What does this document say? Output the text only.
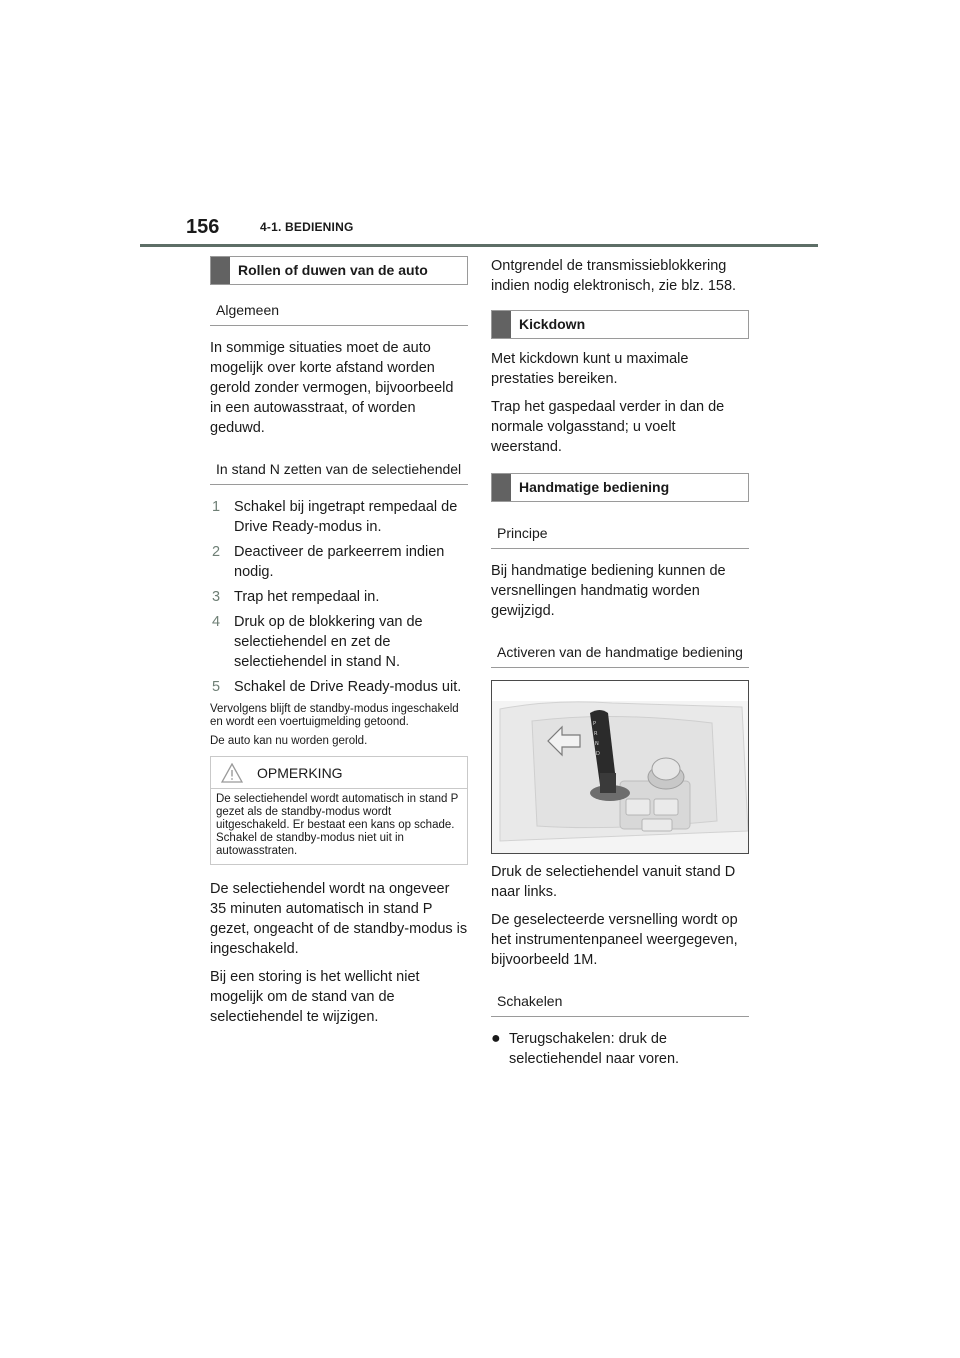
156	4-1. BEDIENING
Rollen of duwen van de auto
Algemeen

In sommige situaties moet de auto mogelijk over korte afstand worden gerold zonder vermogen, bijvoorbeeld in een autowasstraat, of worden geduwd.

In stand N zetten van de selectiehendel
1 Schakel bij ingetrapt rempedaal de Drive Ready-modus in.
2 Deactiveer de parkeerrem indien nodig.
3 Trap het rempedaal in.
4 Druk op de blokkering van de selectiehendel en zet de selectiehendel in stand N.
5 Schakel de Drive Ready-modus uit.

Vervolgens blijft de standby-modus ingeschakeld en wordt een voertuigmelding getoond.

De auto kan nu worden gerold.

OPMERKING
De selectiehendel wordt automatisch in stand P gezet als de standby-modus wordt uitgeschakeld. Er bestaat een kans op schade. Schakel de standby-modus niet uit in autowasstraten.

De selectiehendel wordt na ongeveer 35 minuten automatisch in stand P gezet, ongeacht of de standby-modus is ingeschakeld.

Bij een storing is het wellicht niet mogelijk om de stand van de selectiehendel te wijzigen.

Ontgrendel de transmissieblokkering indien nodig elektronisch, zie blz. 158.

Kickdown

Met kickdown kunt u maximale prestaties bereiken.

Trap het gaspedaal verder in dan de normale volgasstand; u voelt weerstand.

Handmatige bediening
Principe

Bij handmatige bediening kunnen de versnellingen handmatig worden gewijzigd.

Activeren van de handmatige bediening
P
R
N
D

Druk de selectiehendel vanuit stand D naar links.

De geselecteerde versnelling wordt op het instrumentenpaneel weergegeven, bijvoorbeeld 1M.

Schakelen
● Terugschakelen: druk de selectiehendel naar voren.
